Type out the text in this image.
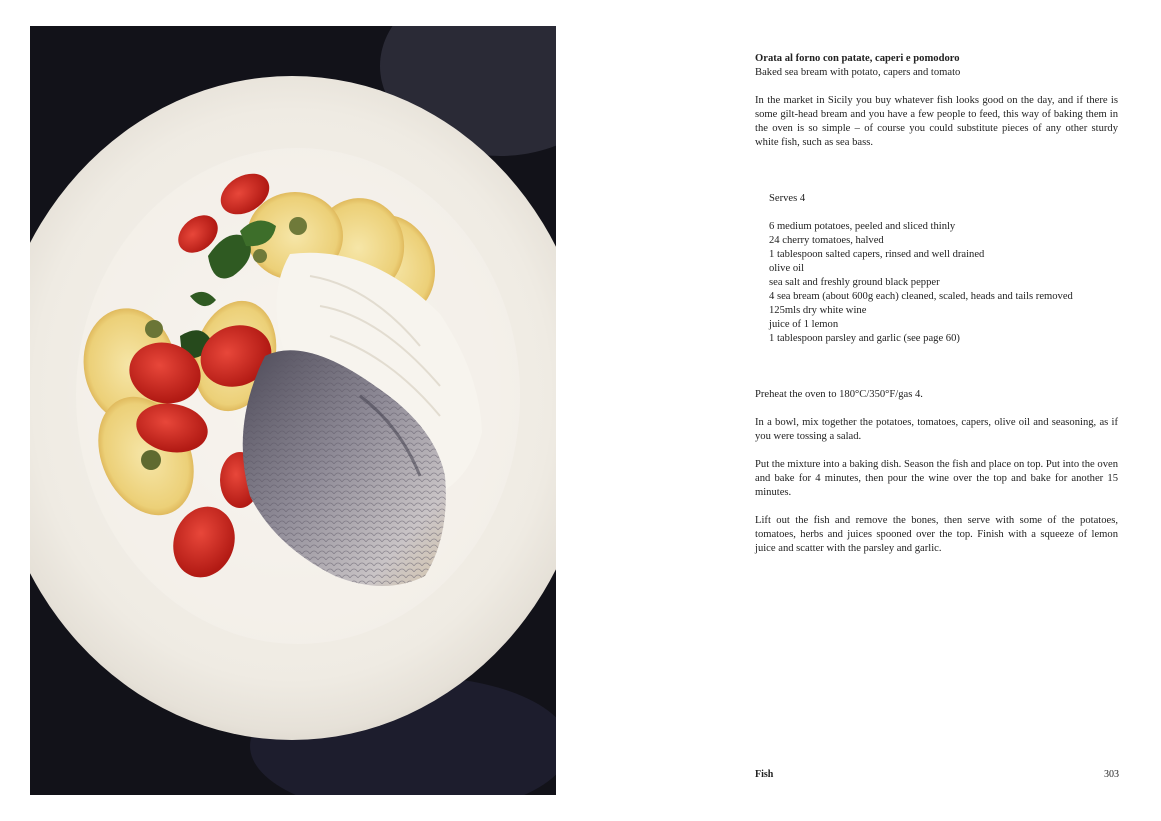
Orata al forno con patate, caperi e pomodoro

Baked sea bream with potato, capers and tomato

In the market in Sicily you buy whatever fish looks good on the day, and if there is some gilt-head bream and you have a few people to feed, this way of baking them in the oven is so simple – of course you could substitute pieces of any other sturdy white fish, such as sea bass.

Serves 4

6 medium potatoes, peeled and sliced thinly
24 cherry tomatoes, halved
1 tablespoon salted capers, rinsed and well drained
olive oil
sea salt and freshly ground black pepper
4 sea bream (about 600g each) cleaned, scaled, heads and tails removed
125mls dry white wine
juice of 1 lemon
1 tablespoon parsley and garlic (see page 60)

Preheat the oven to 180°C/350°F/gas 4.

In a bowl, mix together the potatoes, tomatoes, capers, olive oil and seasoning, as if you were tossing a salad.

Put the mixture into a baking dish. Season the fish and place on top. Put into the oven and bake for 4 minutes, then pour the wine over the top and bake for another 15 minutes.

Lift out the fish and remove the bones, then serve with some of the potatoes, tomatoes, herbs and juices spooned over the top. Finish with a squeeze of lemon juice and scatter with the parsley and garlic.

Fish	303
